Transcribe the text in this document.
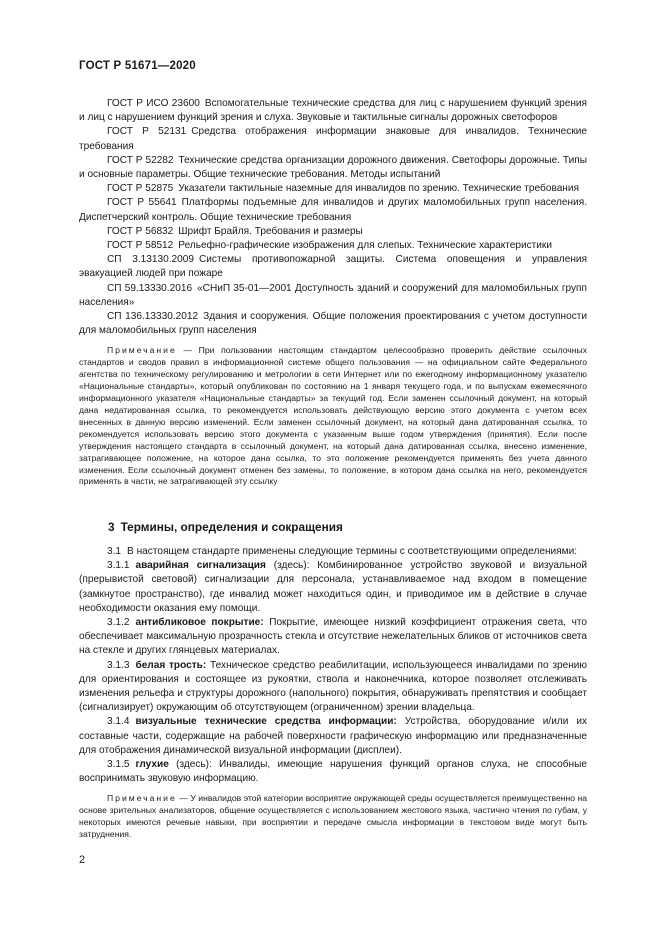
ГОСТ Р 51671—2020

ГОСТ Р ИСО 23600 Вспомогательные технические средства для лиц с нарушением функций зрения и лиц с нарушением функций зрения и слуха. Звуковые и тактильные сигналы дорожных светофоров

ГОСТ Р 52131 Средства отображения информации знаковые для инвалидов. Технические требования

ГОСТ Р 52282 Технические средства организации дорожного движения. Светофоры дорожные. Типы и основные параметры. Общие технические требования. Методы испытаний

ГОСТ Р 52875 Указатели тактильные наземные для инвалидов по зрению. Технические требования

ГОСТ Р 55641 Платформы подъемные для инвалидов и других маломобильных групп населения. Диспетчерский контроль. Общие технические требования

ГОСТ Р 56832 Шрифт Брайля. Требования и размеры

ГОСТ Р 58512 Рельефно-графические изображения для слепых. Технические характеристики

СП 3.13130.2009 Системы противопожарной защиты. Система оповещения и управления эвакуацией людей при пожаре

СП 59.13330.2016 «СНиП 35-01—2001 Доступность зданий и сооружений для маломобильных групп населения»

СП 136.13330.2012 Здания и сооружения. Общие положения проектирования с учетом доступности для маломобильных групп населения

Примечание — При пользовании настоящим стандартом целесообразно проверить действие ссылочных стандартов и сводов правил в информационной системе общего пользования — на официальном сайте Федерального агентства по техническому регулированию и метрологии в сети Интернет или по ежегодному информационному указателю «Национальные стандарты», который опубликован по состоянию на 1 января текущего года, и по выпускам ежемесячного информационного указателя «Национальные стандарты» за текущий год. Если заменен ссылочный документ, на который дана недатированная ссылка, то рекомендуется использовать действующую версию этого документа с учетом всех внесенных в данную версию изменений. Если заменен ссылочный документ, на который дана датированная ссылка, то рекомендуется использовать версию этого документа с указанным выше годом утверждения (принятия). Если после утверждения настоящего стандарта в ссылочный документ, на который дана датированная ссылка, внесено изменение, затрагивающее положение, на которое дана ссылка, то это положение рекомендуется применять без учета данного изменения. Если ссылочный документ отменен без замены, то положение, в котором дана ссылка на него, рекомендуется применять в части, не затрагивающей эту ссылку

3 Термины, определения и сокращения

3.1 В настоящем стандарте применены следующие термины с соответствующими определениями:

3.1.1 аварийная сигнализация (здесь): Комбинированное устройство звуковой и визуальной (прерывистой световой) сигнализации для персонала, устанавливаемое над входом в помещение (замкнутое пространство), где инвалид может находиться один, и приводимое им в действие в случае необходимости оказания ему помощи.

3.1.2 антибликовое покрытие: Покрытие, имеющее низкий коэффициент отражения света, что обеспечивает максимальную прозрачность стекла и отсутствие нежелательных бликов от источников света на стекле и других глянцевых материалах.

3.1.3 белая трость: Техническое средство реабилитации, использующееся инвалидами по зрению для ориентирования и состоящее из рукоятки, ствола и наконечника, которое позволяет отслеживать изменения рельефа и структуры дорожного (напольного) покрытия, обнаруживать препятствия и сообщает (сигнализирует) окружающим об отсутствующем (ограниченном) зрении владельца.

3.1.4 визуальные технические средства информации: Устройства, оборудование и/или их составные части, содержащие на рабочей поверхности графическую информацию или предназначенные для отображения динамической визуальной информации (дисплеи).

3.1.5 глухие (здесь): Инвалиды, имеющие нарушения функций органов слуха, не способные воспринимать звуковую информацию.

Примечание — У инвалидов этой категории восприятие окружающей среды осуществляется преимущественно на основе зрительных анализаторов, общение осуществляется с использованием жестового языка, частично чтения по губам, у некоторых имеются речевые навыки, при восприятии и передаче смысла информации в текстовом виде могут быть затруднения.

2
